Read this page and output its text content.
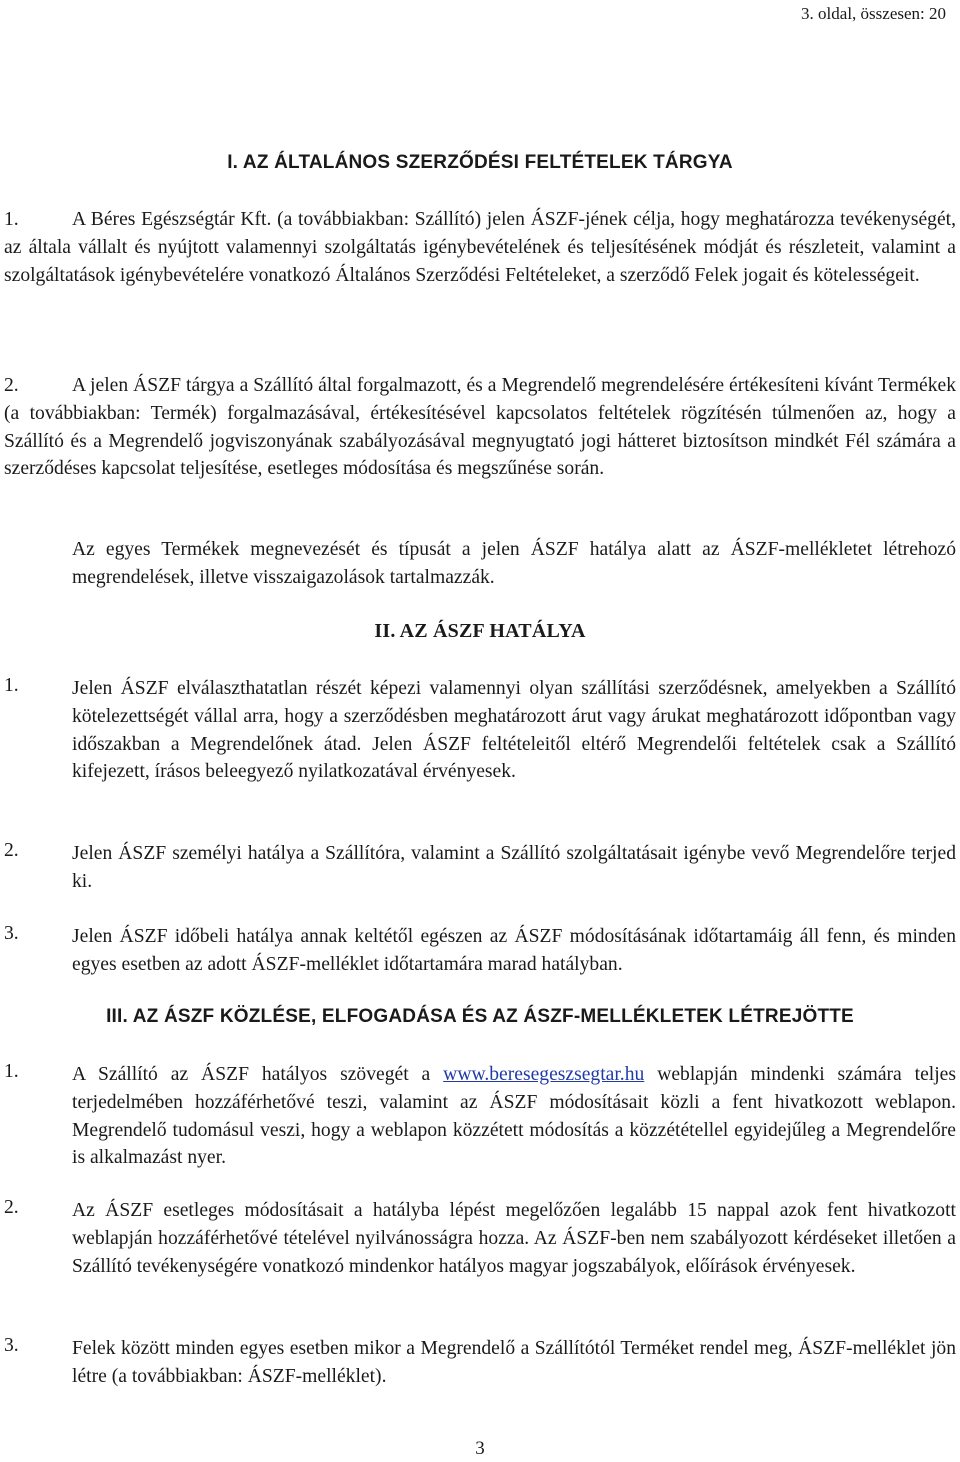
3. oldal, összesen: 20
I. AZ ÁLTALÁNOS SZERZŐDÉSI FELTÉTELEK TÁRGYA
1.	A Béres Egészségtár Kft. (a továbbiakban: Szállító) jelen ÁSZF-jének célja, hogy meghatározza tevékenységét, az általa vállalt és nyújtott valamennyi szolgáltatás igénybevételének és teljesítésének módját és részleteit, valamint a szolgáltatások igénybevételére vonatkozó Általános Szerződési Feltételeket, a szerződő Felek jogait és kötelességeit.
2.	A jelen ÁSZF tárgya a Szállító által forgalmazott, és a Megrendelő megrendelésére értékesíteni kívánt Termékek (a továbbiakban: Termék) forgalmazásával, értékesítésével kapcsolatos feltételek rögzítésén túlmenően az, hogy a Szállító és a Megrendelő jogviszonyának szabályozásával megnyugtató jogi hátteret biztosítson mindkét Fél számára a szerződéses kapcsolat teljesítése, esetleges módosítása és megszűnése során.
Az egyes Termékek megnevezését és típusát a jelen ÁSZF hatálya alatt az ÁSZF-mellékletet létrehozó megrendelések, illetve visszaigazolások tartalmazzák.
II. AZ ÁSZF HATÁLYA
1.	Jelen ÁSZF elválaszthatatlan részét képezi valamennyi olyan szállítási szerződésnek, amelyekben a Szállító kötelezettségét vállal arra, hogy a szerződésben meghatározott árut vagy árukat meghatározott időpontban vagy időszakban a Megrendelőnek átad. Jelen ÁSZF feltételeitől eltérő Megrendelői feltételek csak a Szállító kifejezett, írásos beleegyező nyilatkozatával érvényesek.
2.	Jelen ÁSZF személyi hatálya a Szállítóra, valamint a Szállító szolgáltatásait igénybe vevő Megrendelőre terjed ki.
3.	Jelen ÁSZF időbeli hatálya annak keltétől egészen az ÁSZF módosításának időtartamáig áll fenn, és minden egyes esetben az adott ÁSZF-melléklet időtartamára marad hatályban.
III. AZ ÁSZF KÖZLÉSE, ELFOGADÁSA ÉS AZ ÁSZF-MELLÉKLETEK LÉTREJÖTTE
1.	A Szállító az ÁSZF hatályos szövegét a www.beresegeszsegtar.hu weblapján mindenki számára teljes terjedelmében hozzáférhetővé teszi, valamint az ÁSZF módosításait közli a fent hivatkozott weblapon. Megrendelő tudomásul veszi, hogy a weblapon közzétett módosítás a közzététellel egyidejűleg a Megrendelőre is alkalmazást nyer.
2.	Az ÁSZF esetleges módosításait a hatályba lépést megelőzően legalább 15 nappal azok fent hivatkozott weblapján hozzáférhetővé tételével nyilvánosságra hozza. Az ÁSZF-ben nem szabályozott kérdéseket illetően a Szállító tevékenységére vonatkozó mindenkor hatályos magyar jogszabályok, előírások érvényesek.
3.	Felek között minden egyes esetben mikor a Megrendelő a Szállítótól Terméket rendel meg, ÁSZF-melléklet jön létre (a továbbiakban: ÁSZF-melléklet).
3
